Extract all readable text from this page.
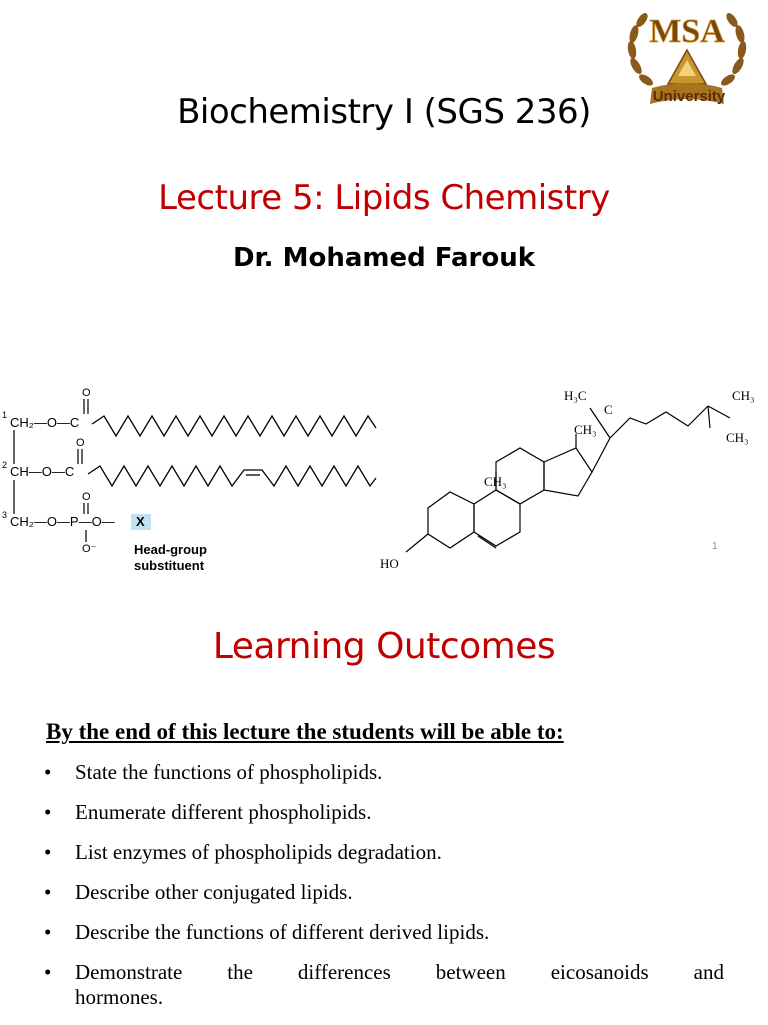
MSA
University
Biochemistry I (SGS 236)
Lecture 5: Lipids Chemistry
Dr. Mohamed Farouk
1 CH₂—O—C
2 CH—O—C
3 CH₂—O—P—O—
O
O
O
O⁻
X
Head-group
substituent
H₃C
C
CH₃
CH₃
CH₃
CH₃
HO
1
Learning Outcomes

By the end of this lecture the students will be able to:

• State the functions of phospholipids.
• Enumerate different phospholipids.
• List enzymes of phospholipids degradation.
• Describe other conjugated lipids.
• Describe the functions of different derived lipids.
• Demonstrate the differences between eicosanoids and
hormones.
